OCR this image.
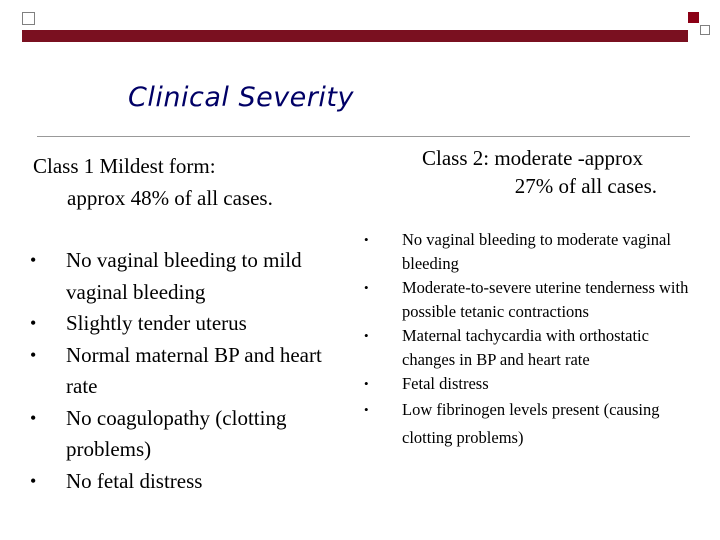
Clinical Severity
Class 1 Mildest form:
approx 48% of all cases.
Class 2: moderate -approx
27% of all cases.
• No vaginal bleeding to mild vaginal bleeding
• Slightly tender uterus
• Normal maternal BP and heart rate
• No coagulopathy (clotting problems)
• No fetal distress
• No vaginal bleeding to moderate vaginal bleeding
• Moderate-to-severe uterine tenderness with possible tetanic contractions
• Maternal tachycardia with orthostatic changes in BP and heart rate
• Fetal distress
• Low fibrinogen levels present (causing clotting problems)
